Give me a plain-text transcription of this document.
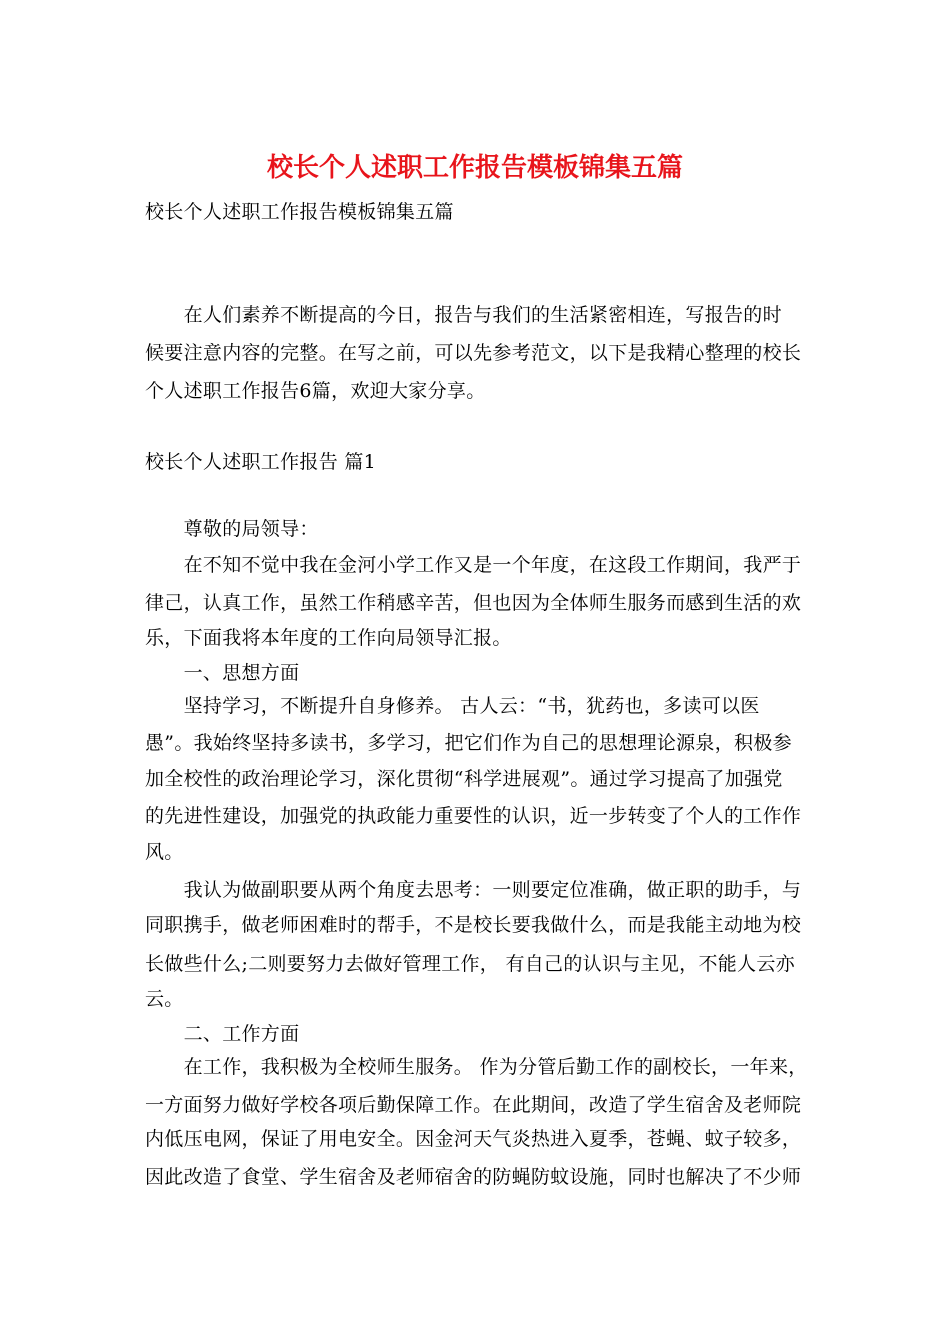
校长个人述职工作报告模板锦集五篇
校长个人述职工作报告模板锦集五篇
　　在人们素养不断提高的今日，报告与我们的生活紧密相连，写报告的时
候要注意内容的完整。在写之前，可以先参考范文，以下是我精心整理的校长
个人述职工作报告6篇，欢迎大家分享。
校长个人述职工作报告 篇1
　　尊敬的局领导：
　　在不知不觉中我在金河小学工作又是一个年度，在这段工作期间，我严于
律己，认真工作，虽然工作稍感辛苦，但也因为全体师生服务而感到生活的欢
乐，下面我将本年度的工作向局领导汇报。
　　一、思想方面
　　坚持学习，不断提升自身修养。 古人云：“书，犹药也，多读可以医
愚”。我始终坚持多读书，多学习，把它们作为自己的思想理论源泉，积极参
加全校性的政治理论学习，深化贯彻“科学进展观”。通过学习提高了加强党
的先进性建设，加强党的执政能力重要性的认识，近一步转变了个人的工作作
风。
　　我认为做副职要从两个角度去思考：一则要定位准确，做正职的助手，与
同职携手，做老师困难时的帮手，不是校长要我做什么，而是我能主动地为校
长做些什么;二则要努力去做好管理工作， 有自己的认识与主见，不能人云亦
云。
　　二、工作方面
　　在工作，我积极为全校师生服务。 作为分管后勤工作的副校长，一年来，
一方面努力做好学校各项后勤保障工作。在此期间，改造了学生宿舍及老师院
内低压电网，保证了用电安全。因金河天气炎热进入夏季，苍蝇、蚊子较多，
因此改造了食堂、学生宿舍及老师宿舍的防蝇防蚊设施，同时也解决了不少师
